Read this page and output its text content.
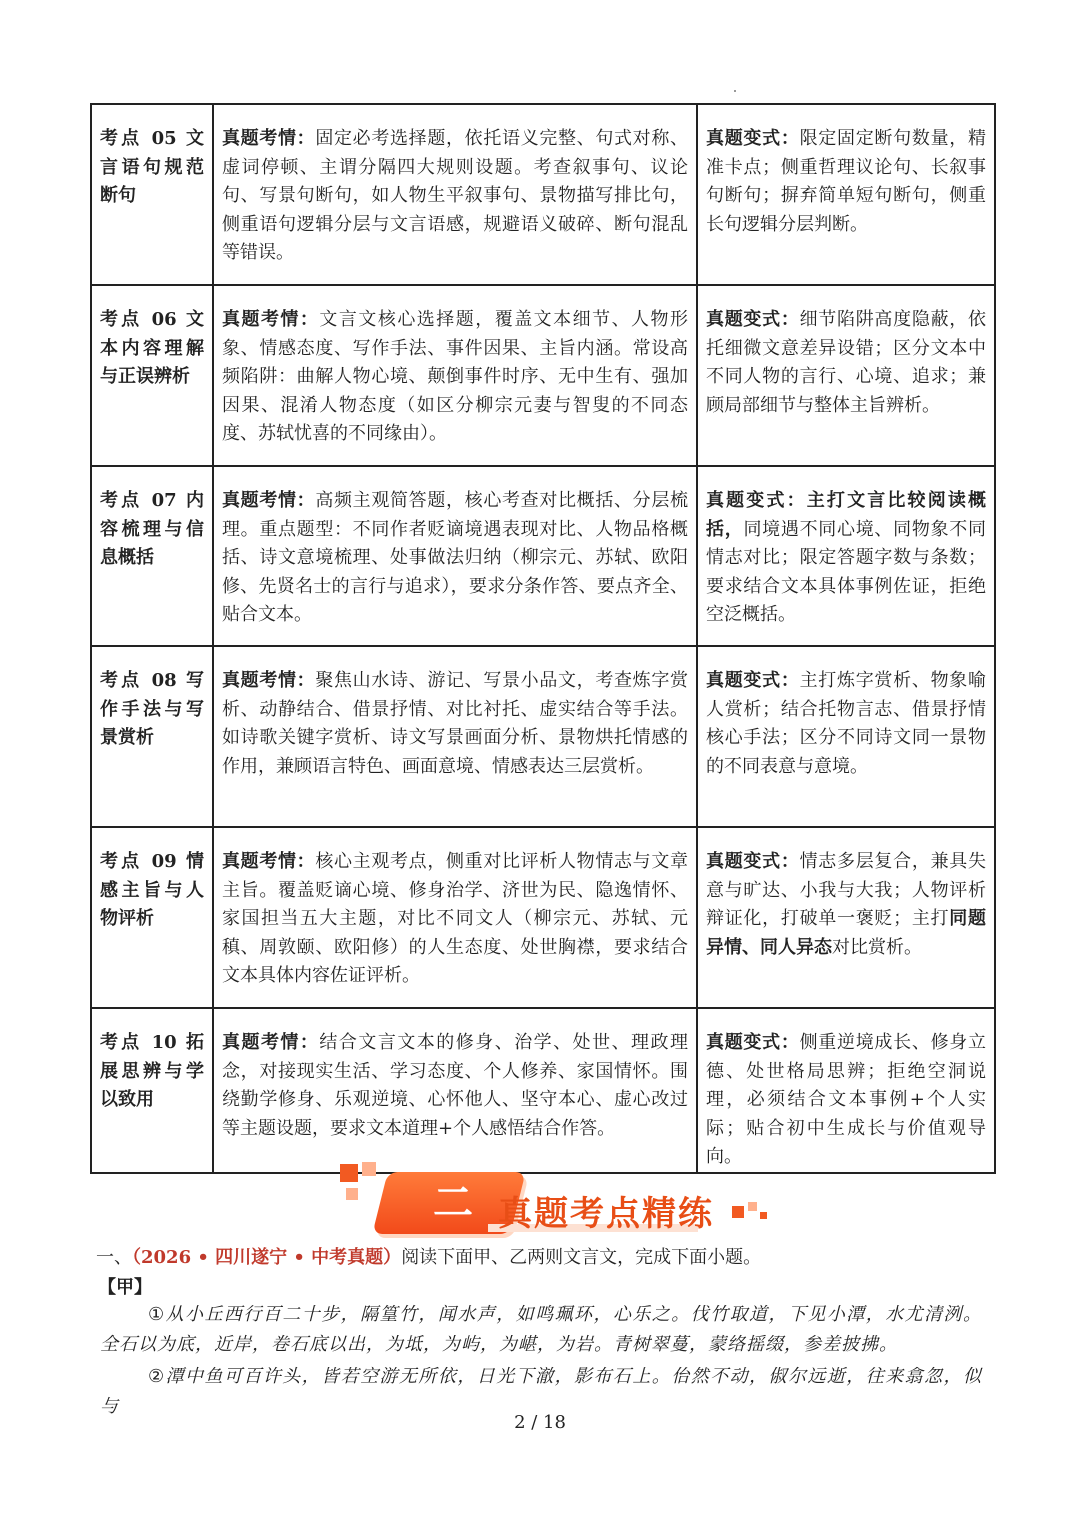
考点 05 文言语句规范断句	真题考情：固定必考选择题，依托语义完整、句式对称、虚词停顿、主谓分隔四大规则设题。考查叙事句、议论句、写景句断句，如人物生平叙事句、景物描写排比句，侧重语句逻辑分层与文言语感，规避语义破碎、断句混乱等错误。	真题变式：限定固定断句数量，精准卡点；侧重哲理议论句、长叙事句断句；摒弃简单短句断句，侧重长句逻辑分层判断。
考点 06 文本内容理解与正误辨析	真题考情：文言文核心选择题，覆盖文本细节、人物形象、情感态度、写作手法、事件因果、主旨内涵。常设高频陷阱：曲解人物心境、颠倒事件时序、无中生有、强加因果、混淆人物态度（如区分柳宗元妻与智叟的不同态度、苏轼忧喜的不同缘由）。	真题变式：细节陷阱高度隐蔽，依托细微文意差异设错；区分文本中不同人物的言行、心境、追求；兼顾局部细节与整体主旨辨析。
考点 07 内容梳理与信息概括	真题考情：高频主观简答题，核心考查对比概括、分层梳理。重点题型：不同作者贬谪境遇表现对比、人物品格概括、诗文意境梳理、处事做法归纳（柳宗元、苏轼、欧阳修、先贤名士的言行与追求），要求分条作答、要点齐全、贴合文本。	真题变式：主打文言比较阅读概括，同境遇不同心境、同物象不同情志对比；限定答题字数与条数；要求结合文本具体事例佐证，拒绝空泛概括。
考点 08 写作手法与写景赏析	真题考情：聚焦山水诗、游记、写景小品文，考查炼字赏析、动静结合、借景抒情、对比衬托、虚实结合等手法。如诗歌关键字赏析、诗文写景画面分析、景物烘托情感的作用，兼顾语言特色、画面意境、情感表达三层赏析。	真题变式：主打炼字赏析、物象喻人赏析；结合托物言志、借景抒情核心手法；区分不同诗文同一景物的不同表意与意境。
考点 09 情感主旨与人物评析	真题考情：核心主观考点，侧重对比评析人物情志与文章主旨。覆盖贬谪心境、修身治学、济世为民、隐逸情怀、家国担当五大主题，对比不同文人（柳宗元、苏轼、元稹、周敦颐、欧阳修）的人生态度、处世胸襟，要求结合文本具体内容佐证评析。	真题变式：情志多层复合，兼具失意与旷达、小我与大我；人物评析辩证化，打破单一褒贬；主打同题异情、同人异态对比赏析。
考点 10 拓展思辨与学以致用	真题考情：结合文言文本的修身、治学、处世、理政理念，对接现实生活、学习态度、个人修养、家国情怀。围绕勤学修身、乐观逆境、心怀他人、坚守本心、虚心改过等主题设题，要求文本道理+个人感悟结合作答。	真题变式：侧重逆境成长、修身立德、处世格局思辨；拒绝空洞说理，必须结合文本事例+个人实际；贴合初中生成长与价值观导向。
二 真题考点精练
一、（2026 • 四川遂宁 • 中考真题）阅读下面甲、乙两则文言文，完成下面小题。
【甲】
①从小丘西行百二十步，隔篁竹，闻水声，如鸣珮环，心乐之。伐竹取道，下见小潭，水尤清洌。全石以为底，近岸，卷石底以出，为坻，为屿，为嵁，为岩。青树翠蔓，蒙络摇缀，参差披拂。
②潭中鱼可百许头，皆若空游无所依，日光下澈，影布石上。佁然不动，俶尔远逝，往来翕忽，似与
2 / 18
